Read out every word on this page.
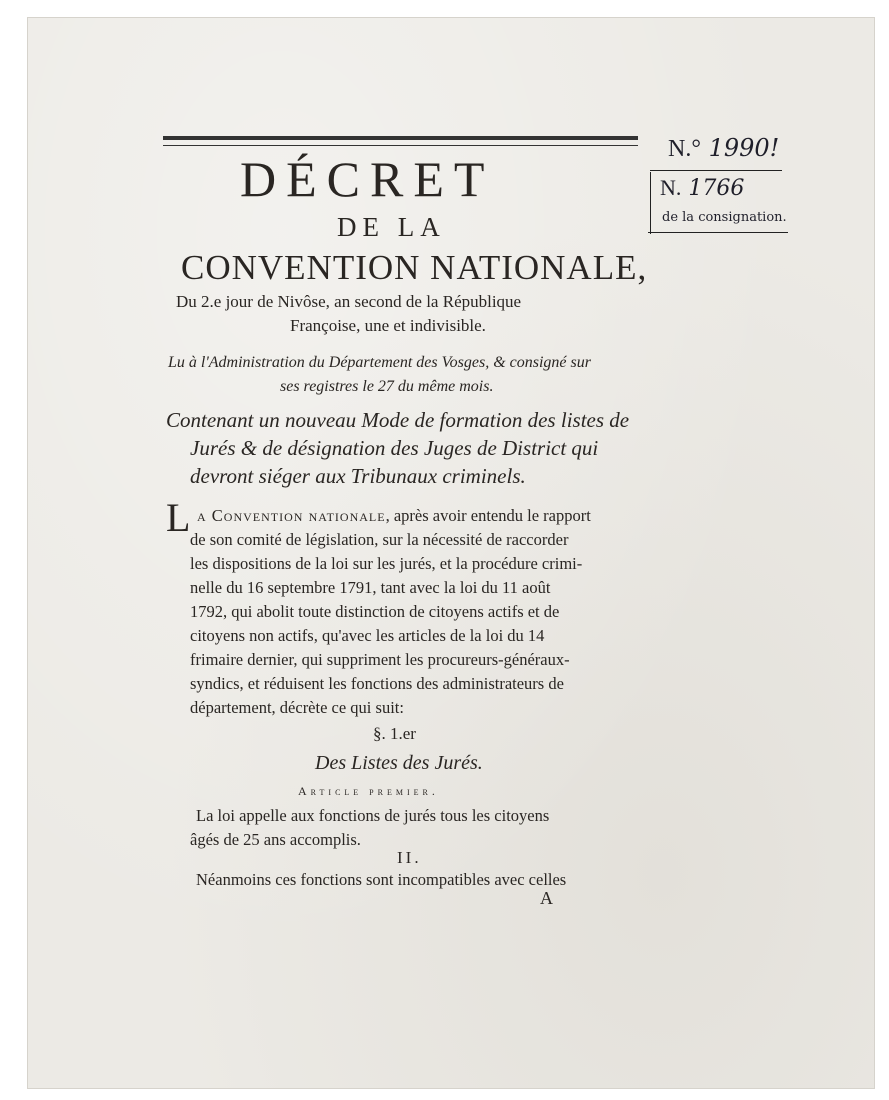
N.° 1990!
N. 1766
de la consignation.
DÉCRET
DE LA
CONVENTION NATIONALE,
Du 2.e jour de Nivôse, an second de la République
Françoise, une et indivisible.
Lu à l'Administration du Département des Vosges, & consigné sur
ses registres le 27 du même mois.
Contenant un nouveau Mode de formation des listes de
Jurés & de désignation des Juges de District qui
devront siéger aux Tribunaux criminels.
L a Convention nationale, après avoir entendu le rapport
de son comité de législation, sur la nécessité de raccorder
les dispositions de la loi sur les jurés, et la procédure crimi-
nelle du 16 septembre 1791, tant avec la loi du 11 août
1792, qui abolit toute distinction de citoyens actifs et de
citoyens non actifs, qu'avec les articles de la loi du 14
frimaire dernier, qui suppriment les procureurs-généraux-
syndics, et réduisent les fonctions des administrateurs de
département, décrète ce qui suit:
§. 1.er
Des Listes des Jurés.
Article premier.
La loi appelle aux fonctions de jurés tous les citoyens
âgés de 25 ans accomplis.
II.
Néanmoins ces fonctions sont incompatibles avec celles
A
